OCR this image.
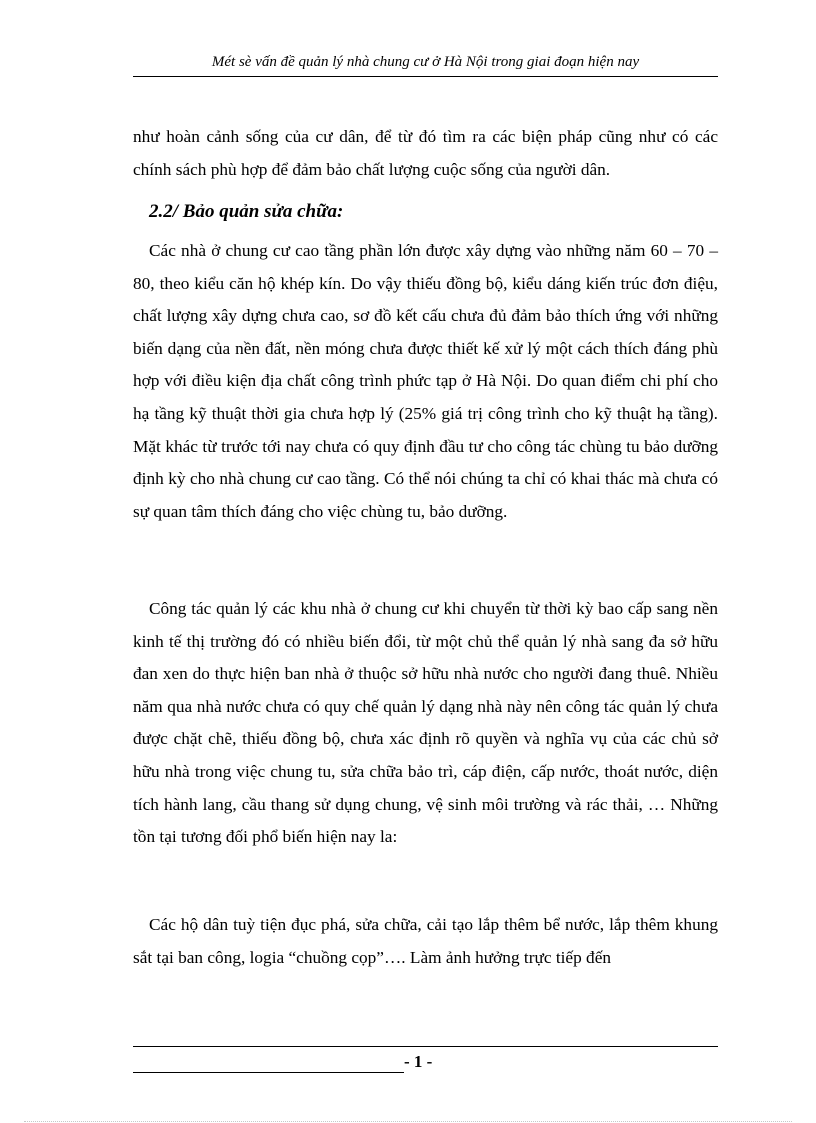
Mét sè vấn đề quản lý nhà chung cư ở Hà Nội trong giai đoạn hiện nay

như hoàn cảnh sống của cư dân, để từ đó tìm ra các biện pháp cũng như có các chính sách phù hợp để đảm bảo chất lượng cuộc sống của người dân.

2.2/ Bảo quản sửa chữa:

Các nhà ở chung cư cao tầng phần lớn được xây dựng vào những năm 60 – 70 – 80, theo kiểu căn hộ khép kín. Do vậy thiếu đồng bộ, kiểu dáng kiến trúc đơn điệu, chất lượng xây dựng chưa cao, sơ đồ kết cấu chưa đủ đảm bảo thích ứng với những biến dạng của nền đất, nền móng chưa được thiết kế xử lý một cách thích đáng phù hợp với điều kiện địa chất công trình phức tạp ở Hà Nội. Do quan điểm chi phí cho hạ tầng kỹ thuật thời gia chưa hợp lý (25% giá trị công trình cho kỹ thuật hạ tầng). Mặt khác từ trước tới nay chưa có quy định đầu tư cho công tác chùng tu bảo dưỡng định kỳ cho nhà chung cư cao tầng. Có thể nói chúng ta chỉ có khai thác mà chưa có sự quan tâm thích đáng cho việc chùng tu, bảo dưỡng.

Công tác quản lý các khu nhà ở chung cư khi chuyển từ thời kỳ bao cấp sang nền kinh tế thị trường đó có nhiều biến đổi, từ một chủ thể quản lý nhà sang đa sở hữu đan xen do thực hiện ban nhà ở thuộc sở hữu nhà nước cho người đang thuê. Nhiều năm qua nhà nước chưa có quy chế quản lý dạng nhà này nên công tác quản lý chưa được chặt chẽ, thiếu đồng bộ, chưa xác định rõ quyền và nghĩa vụ của các chủ sở hữu nhà trong việc chung tu, sửa chữa bảo trì, cáp điện, cấp nước, thoát nước, diện tích hành lang, cầu thang sử dụng chung, vệ sinh môi trường và rác thải, … Những tồn tại tương đối phổ biến hiện nay la:

Các hộ dân tuỳ tiện đục phá, sửa chữa, cải tạo lắp thêm bể nước, lắp thêm khung sắt tại ban công, logia “chuồng cọp”…. Làm ảnh hưởng trực tiếp đến

- 1 -
